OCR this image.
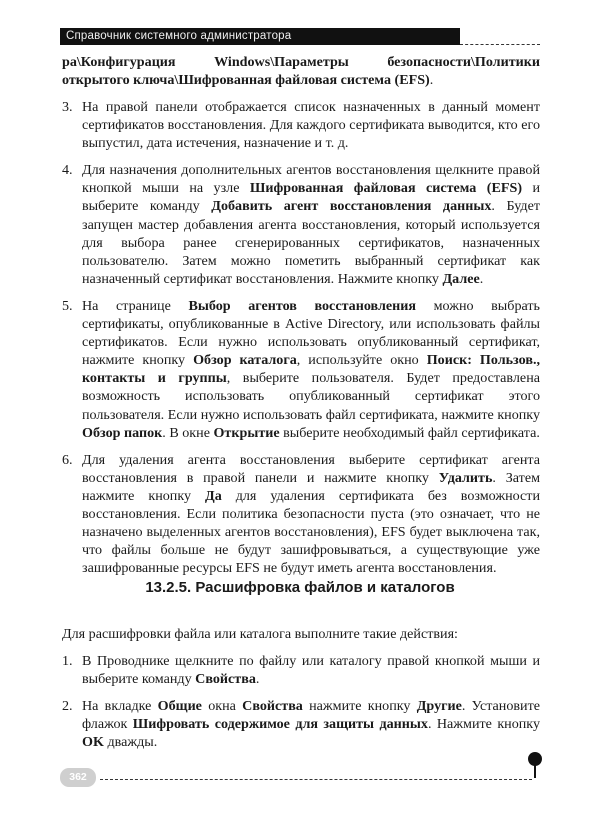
Справочник системного администратора
ра\Конфигурация Windows\Параметры безопасности\Политики открытого ключа\Шифрованная файловая система (EFS).
3. На правой панели отображается список назначенных в данный момент сертификатов восстановления. Для каждого сертификата выводится, кто его выпустил, дата истечения, назначение и т. д.
4. Для назначения дополнительных агентов восстановления щелкните правой кнопкой мыши на узле Шифрованная файловая система (EFS) и выберите команду Добавить агент восстановления данных. Будет запущен мастер добавления агента восстановления, который используется для выбора ранее сгенерированных сертификатов, назначенных пользователю. Затем можно пометить выбранный сертификат как назначенный сертификат восстановления. Нажмите кнопку Далее.
5. На странице Выбор агентов восстановления можно выбрать сертификаты, опубликованные в Active Directory, или использовать файлы сертификатов. Если нужно использовать опубликованный сертификат, нажмите кнопку Обзор каталога, используйте окно Поиск: Пользов., контакты и группы, выберите пользователя. Будет предоставлена возможность использовать опубликованный сертификат этого пользователя. Если нужно использовать файл сертификата, нажмите кнопку Обзор папок. В окне Открытие выберите необходимый файл сертификата.
6. Для удаления агента восстановления выберите сертификат агента восстановления в правой панели и нажмите кнопку Удалить. Затем нажмите кнопку Да для удаления сертификата без возможности восстановления. Если политика безопасности пуста (это означает, что не назначено выделенных агентов восстановления), EFS будет выключена так, что файлы больше не будут зашифровываться, а существующие уже зашифрованные ресурсы EFS не будут иметь агента восстановления.
13.2.5. Расшифровка файлов и каталогов
Для расшифровки файла или каталога выполните такие действия:
1. В Проводнике щелкните по файлу или каталогу правой кнопкой мыши и выберите команду Свойства.
2. На вкладке Общие окна Свойства нажмите кнопку Другие. Установите флажок Шифровать содержимое для защиты данных. Нажмите кнопку OK дважды.
362
